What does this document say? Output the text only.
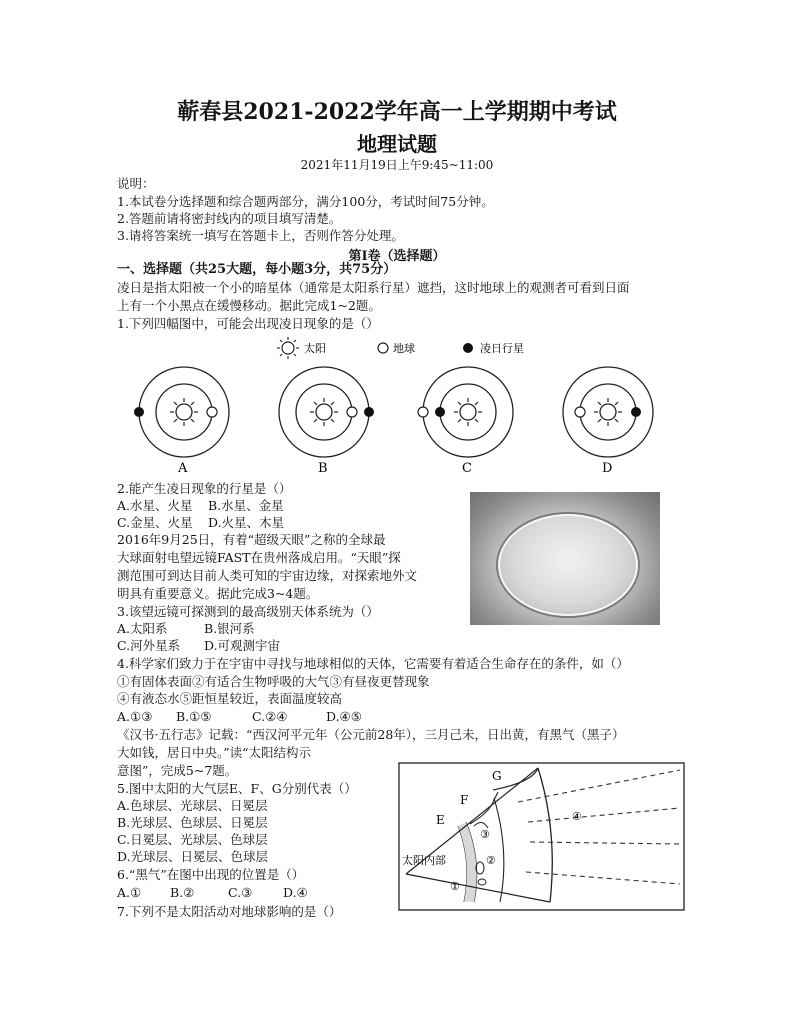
蕲春县2021-2022学年高一上学期期中考试
地理试题
2021年11月19日上午9:45~11:00
说明：
1.本试卷分选择题和综合题两部分，满分100分，考试时间75分钟。
2.答题前请将密封线内的项目填写清楚。
3.请将答案统一填写在答题卡上，否则作答分处理。
第Ⅰ卷（选择题）
一、选择题（共25大题，每小题3分，共75分）
凌日是指太阳被一个小的暗星体（通常是太阳系行星）遮挡，这时地球上的观测者可看到日面
上有一个小黑点在缓慢移动。据此完成1~2题。
1.下列四幅图中，可能会出现凌日现象的是（）
太阳	地球	凌日行星
A	B	C	D
2.能产生凌日现象的行星是（）
A.水星、火星 B.水星、金星
C.金星、火星 D.火星、木星
2016年9月25日，有着“超级天眼”之称的全球最
大球面射电望远镜FAST在贵州落成启用。“天眼”探
测范围可到达目前人类可知的宇宙边缘，对探索地外文
明具有重要意义。据此完成3~4题。
3.该望远镜可探测到的最高级别天体系统为（）
A.太阳系	B.银河系
C.河外星系 D.可观测宇宙
4.科学家们致力于在宇宙中寻找与地球相似的天体，它需要有着适合生命存在的条件，如（）
①有固体表面②有适合生物呼吸的大气③有昼夜更替现象
④有液态水⑤距恒星较近，表面温度较高
A.①③ B.①⑤	C.②④	D.④⑤
《汉书·五行志》记载：“西汉河平元年（公元前28年），三月己未，日出黄，有黑气（黑子）
大如钱，居日中央。”读“太阳结构示
意图”，完成5~7题。
5.图中太阳的大气层E、F、G分别代表（）
A.色球层、光球层、日冕层
B.光球层、色球层、日冕层
C.日冕层、光球层、色球层
D.光球层、日冕层、色球层
6.“黑气”在图中出现的位置是（）
A.① B.②	C.③ D.④
7.下列不是太阳活动对地球影响的是（）
G
F
E
太阳内部
①
②
③
④
